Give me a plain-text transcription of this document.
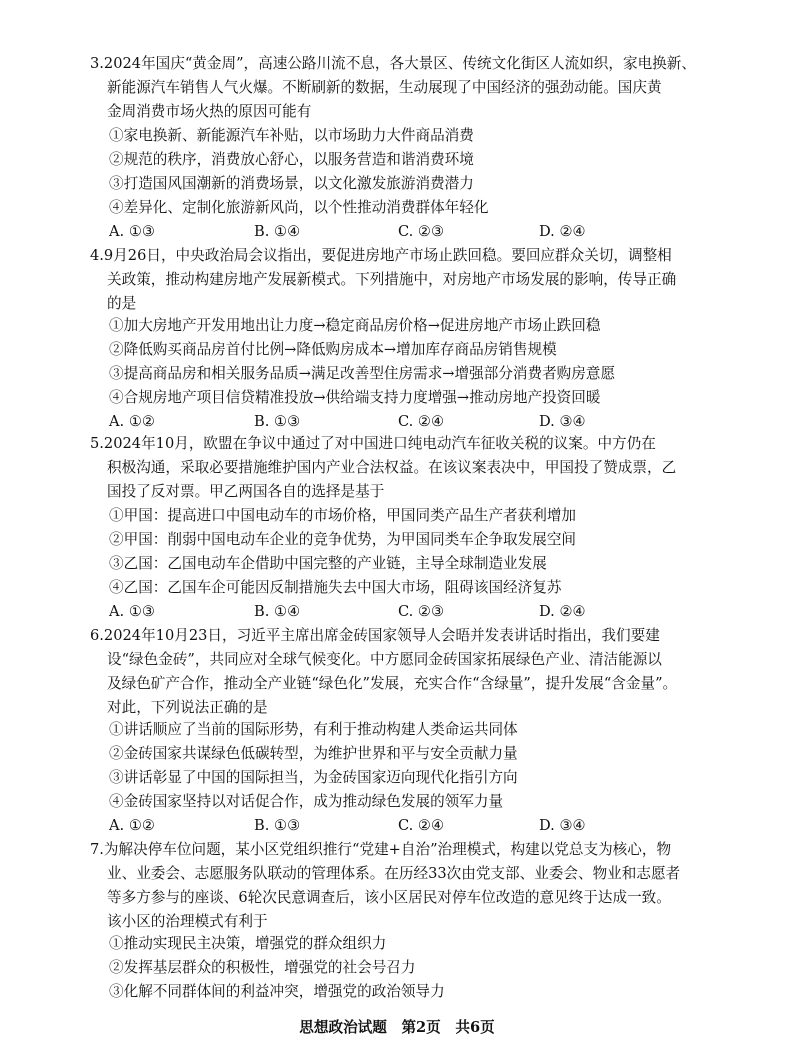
3.2024年国庆“黄金周”，高速公路川流不息，各大景区、传统文化街区人流如织，家电换新、
新能源汽车销售人气火爆。不断刷新的数据，生动展现了中国经济的强劲动能。国庆黄
金周消费市场火热的原因可能有
①家电换新、新能源汽车补贴，以市场助力大件商品消费
②规范的秩序，消费放心舒心，以服务营造和谐消费环境
③打造国风国潮新的消费场景，以文化激发旅游消费潜力
④差异化、定制化旅游新风尚，以个性推动消费群体年轻化
A. ①③	B. ①④	C. ②③	D. ②④
4.9月26日，中央政治局会议指出，要促进房地产市场止跌回稳。要回应群众关切，调整相
关政策，推动构建房地产发展新模式。下列措施中，对房地产市场发展的影响，传导正确
的是
①加大房地产开发用地出让力度→稳定商品房价格→促进房地产市场止跌回稳
②降低购买商品房首付比例→降低购房成本→增加库存商品房销售规模
③提高商品房和相关服务品质→满足改善型住房需求→增强部分消费者购房意愿
④合规房地产项目信贷精准投放→供给端支持力度增强→推动房地产投资回暖
A. ①②	B. ①③	C. ②④	D. ③④
5.2024年10月，欧盟在争议中通过了对中国进口纯电动汽车征收关税的议案。中方仍在
积极沟通，采取必要措施维护国内产业合法权益。在该议案表决中，甲国投了赞成票，乙
国投了反对票。甲乙两国各自的选择是基于
①甲国：提高进口中国电动车的市场价格，甲国同类产品生产者获利增加
②甲国：削弱中国电动车企业的竞争优势，为甲国同类车企争取发展空间
③乙国：乙国电动车企借助中国完整的产业链，主导全球制造业发展
④乙国：乙国车企可能因反制措施失去中国大市场，阻碍该国经济复苏
A. ①③	B. ①④	C. ②③	D. ②④
6.2024年10月23日，习近平主席出席金砖国家领导人会晤并发表讲话时指出，我们要建
设“绿色金砖”，共同应对全球气候变化。中方愿同金砖国家拓展绿色产业、清洁能源以
及绿色矿产合作，推动全产业链“绿色化”发展，充实合作“含绿量”，提升发展“含金量”。
对此，下列说法正确的是
①讲话顺应了当前的国际形势，有利于推动构建人类命运共同体
②金砖国家共谋绿色低碳转型，为维护世界和平与安全贡献力量
③讲话彰显了中国的国际担当，为金砖国家迈向现代化指引方向
④金砖国家坚持以对话促合作，成为推动绿色发展的领军力量
A. ①②	B. ①③	C. ②④	D. ③④
7.为解决停车位问题，某小区党组织推行“党建+自治”治理模式，构建以党总支为核心，物
业、业委会、志愿服务队联动的管理体系。在历经33次由党支部、业委会、物业和志愿者
等多方参与的座谈、6轮次民意调查后，该小区居民对停车位改造的意见终于达成一致。
该小区的治理模式有利于
①推动实现民主决策，增强党的群众组织力
②发挥基层群众的积极性，增强党的社会号召力
③化解不同群体间的利益冲突，增强党的政治领导力
思想政治试题　第2页　共6页
